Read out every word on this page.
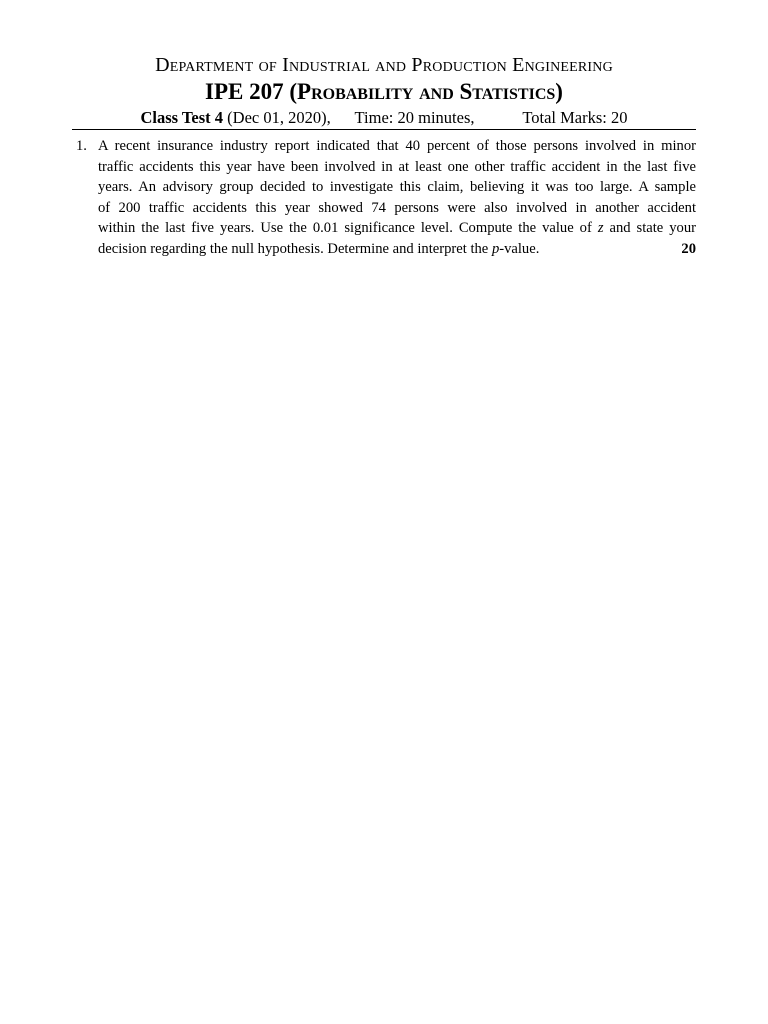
Department of Industrial and Production Engineering
IPE 207 (Probability and Statistics)
Class Test 4 (Dec 01, 2020), Time: 20 minutes,	Total Marks: 20
1. A recent insurance industry report indicated that 40 percent of those persons involved in minor
traffic accidents this year have been involved in at least one other traffic accident in the last five
years. An advisory group decided to investigate this claim, believing it was too large. A sample
of 200 traffic accidents this year showed 74 persons were also involved in another accident
within the last five years. Use the 0.01 significance level. Compute the value of z and state your
decision regarding the null hypothesis. Determine and interpret the p-value.	20
